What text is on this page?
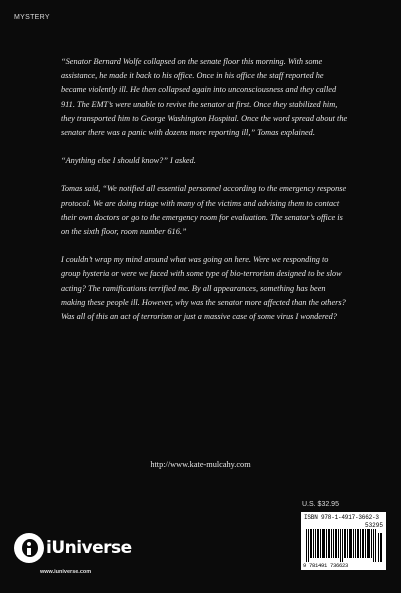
MYSTERY

“Senator Bernard Wolfe collapsed on the senate floor this morning. With some assistance, he made it back to his office. Once in his office the staff reported he became violently ill. He then collapsed again into unconsciousness and they called 911. The EMT’s were unable to revive the senator at first. Once they stabilized him, they transported him to George Washington Hospital. Once the word spread about the senator there was a panic with dozens more reporting ill,” Tomas explained.

“Anything else I should know?” I asked.

Tomas said, “We notified all essential personnel according to the emergency response protocol. We are doing triage with many of the victims and advising them to contact their own doctors or go to the emergency room for evaluation. The senator’s office is on the sixth floor, room number 616.”

I couldn’t wrap my mind around what was going on here. Were we responding to group hysteria or were we faced with some type of bio-terrorism designed to be slow acting? The ramifications terrified me. By all appearances, something has been making these people ill. However, why was the senator more affected than the others? Was all of this an act of terrorism or just a massive case of some virus I wondered?

http://www.kate-mulcahy.com
U.S. $32.95
ISBN 978-1-4917-3662-3
53295
9 781491 736623
iUniverse
www.iuniverse.com
